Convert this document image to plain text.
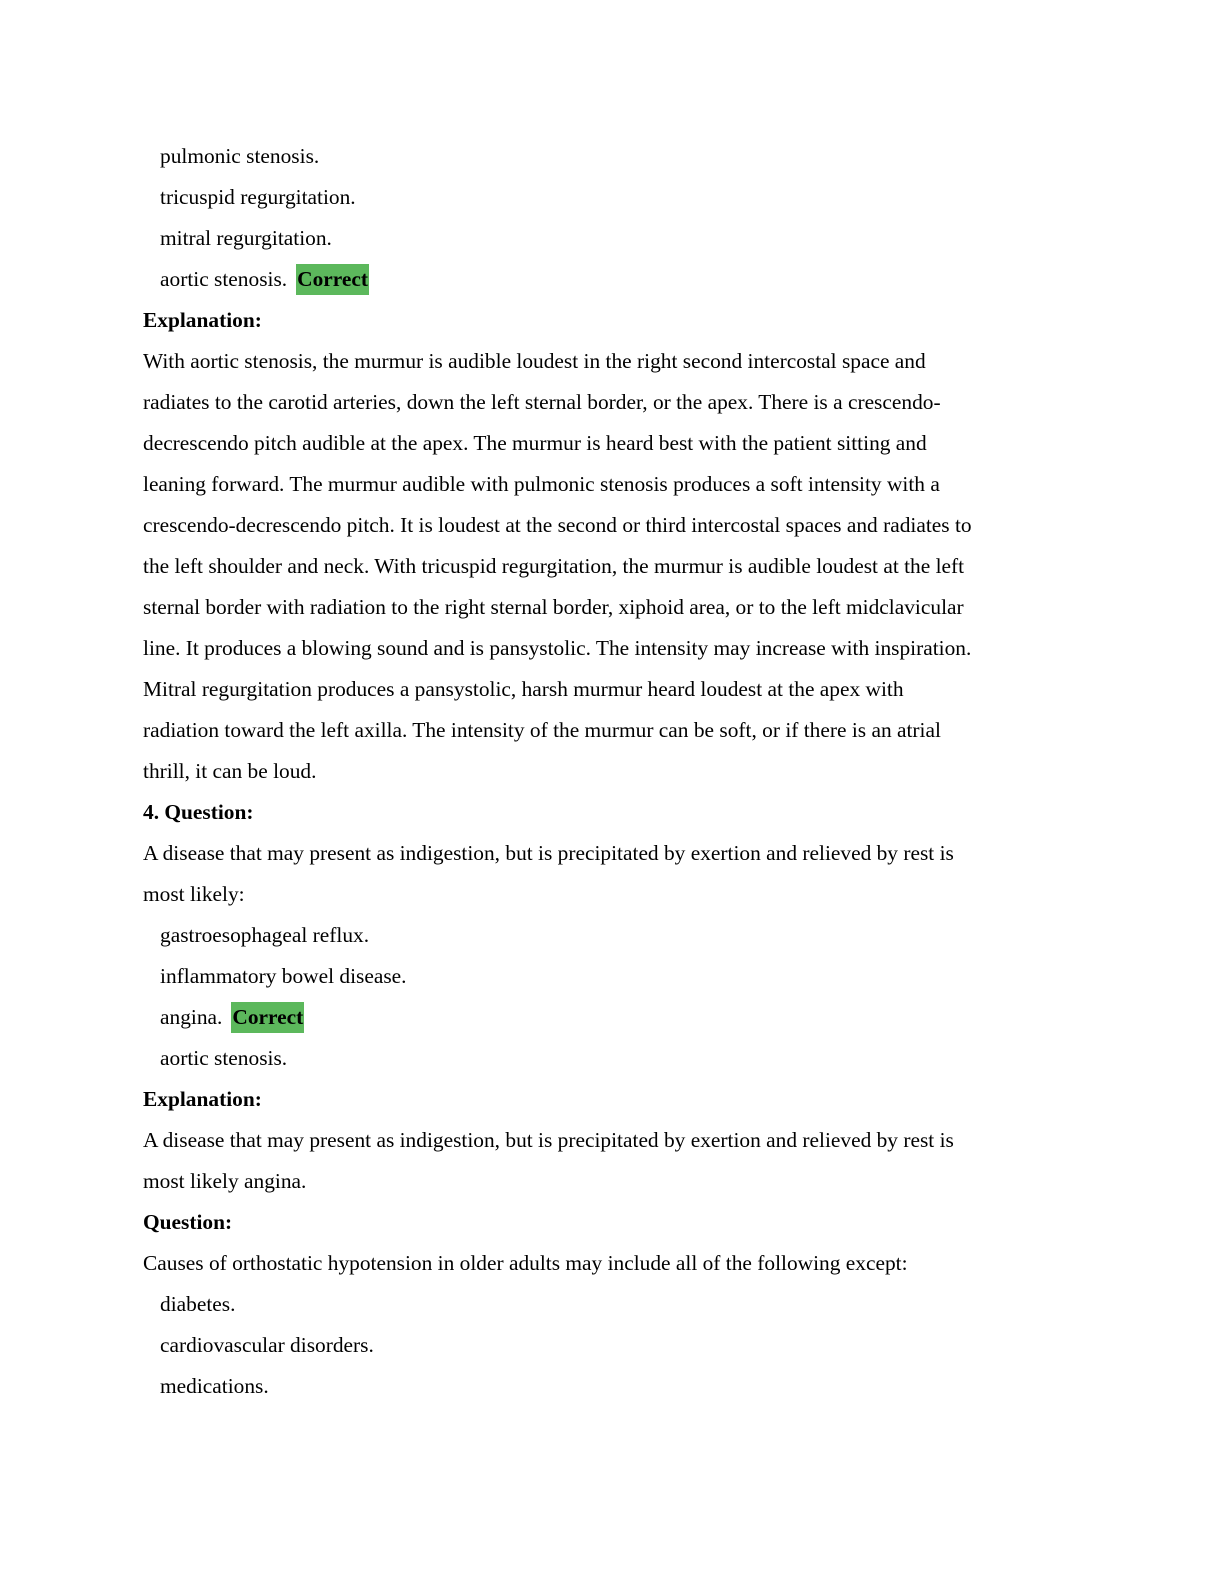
pulmonic stenosis.
tricuspid regurgitation.
mitral regurgitation.
aortic stenosis. Correct
Explanation:
With aortic stenosis, the murmur is audible loudest in the right second intercostal space and
radiates to the carotid arteries, down the left sternal border, or the apex. There is a crescendo-
decrescendo pitch audible at the apex. The murmur is heard best with the patient sitting and
leaning forward. The murmur audible with pulmonic stenosis produces a soft intensity with a
crescendo-decrescendo pitch. It is loudest at the second or third intercostal spaces and radiates to
the left shoulder and neck. With tricuspid regurgitation, the murmur is audible loudest at the left
sternal border with radiation to the right sternal border, xiphoid area, or to the left midclavicular
line. It produces a blowing sound and is pansystolic. The intensity may increase with inspiration.
Mitral regurgitation produces a pansystolic, harsh murmur heard loudest at the apex with
radiation toward the left axilla. The intensity of the murmur can be soft, or if there is an atrial
thrill, it can be loud.
4. Question:
A disease that may present as indigestion, but is precipitated by exertion and relieved by rest is
most likely:
gastroesophageal reflux.
inflammatory bowel disease.
angina. Correct
aortic stenosis.
Explanation:
A disease that may present as indigestion, but is precipitated by exertion and relieved by rest is
most likely angina.
Question:
Causes of orthostatic hypotension in older adults may include all of the following except:
diabetes.
cardiovascular disorders.
medications.
